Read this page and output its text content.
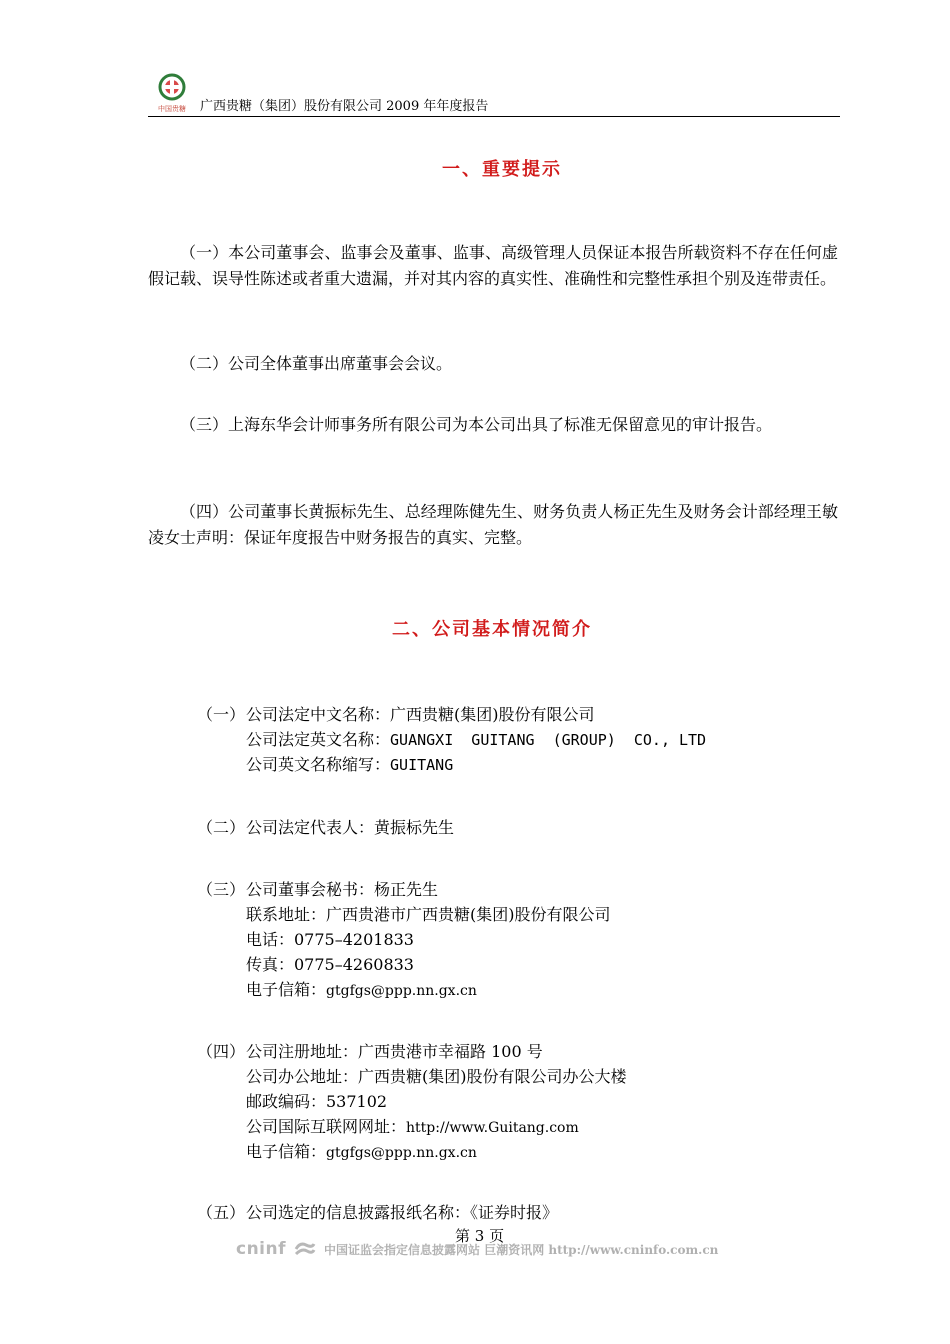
中国贵糖 广西贵糖（集团）股份有限公司 2009 年年度报告
一、重要提示
（一）本公司董事会、监事会及董事、监事、高级管理人员保证本报告所载资料不存在任何虚假记载、误导性陈述或者重大遗漏，并对其内容的真实性、准确性和完整性承担个别及连带责任。
（二）公司全体董事出席董事会会议。
（三）上海东华会计师事务所有限公司为本公司出具了标准无保留意见的审计报告。
（四）公司董事长黄振标先生、总经理陈健先生、财务负责人杨正先生及财务会计部经理王敏凌女士声明：保证年度报告中财务报告的真实、完整。
二、公司基本情况简介
（一） 公司法定中文名称：广西贵糖(集团)股份有限公司
公司法定英文名称：GUANGXI  GUITANG  (GROUP)  CO., LTD
公司英文名称缩写：GUITANG
（二） 公司法定代表人：黄振标先生
（三） 公司董事会秘书：杨正先生
联系地址：广西贵港市广西贵糖(集团)股份有限公司
电话：0775–4201833
传真：0775–4260833
电子信箱：gtgfgs@ppp.nn.gx.cn
（四） 公司注册地址：广西贵港市幸福路 100 号
公司办公地址：广西贵糖(集团)股份有限公司办公大楼
邮政编码：537102
公司国际互联网网址：http://www.Guitang.com
电子信箱：gtgfgs@ppp.nn.gx.cn
（五） 公司选定的信息披露报纸名称：《证券时报》
第 3 页
cninf	中国证监会指定信息披露网站 巨潮资讯网 http://www.cninfo.com.cn
